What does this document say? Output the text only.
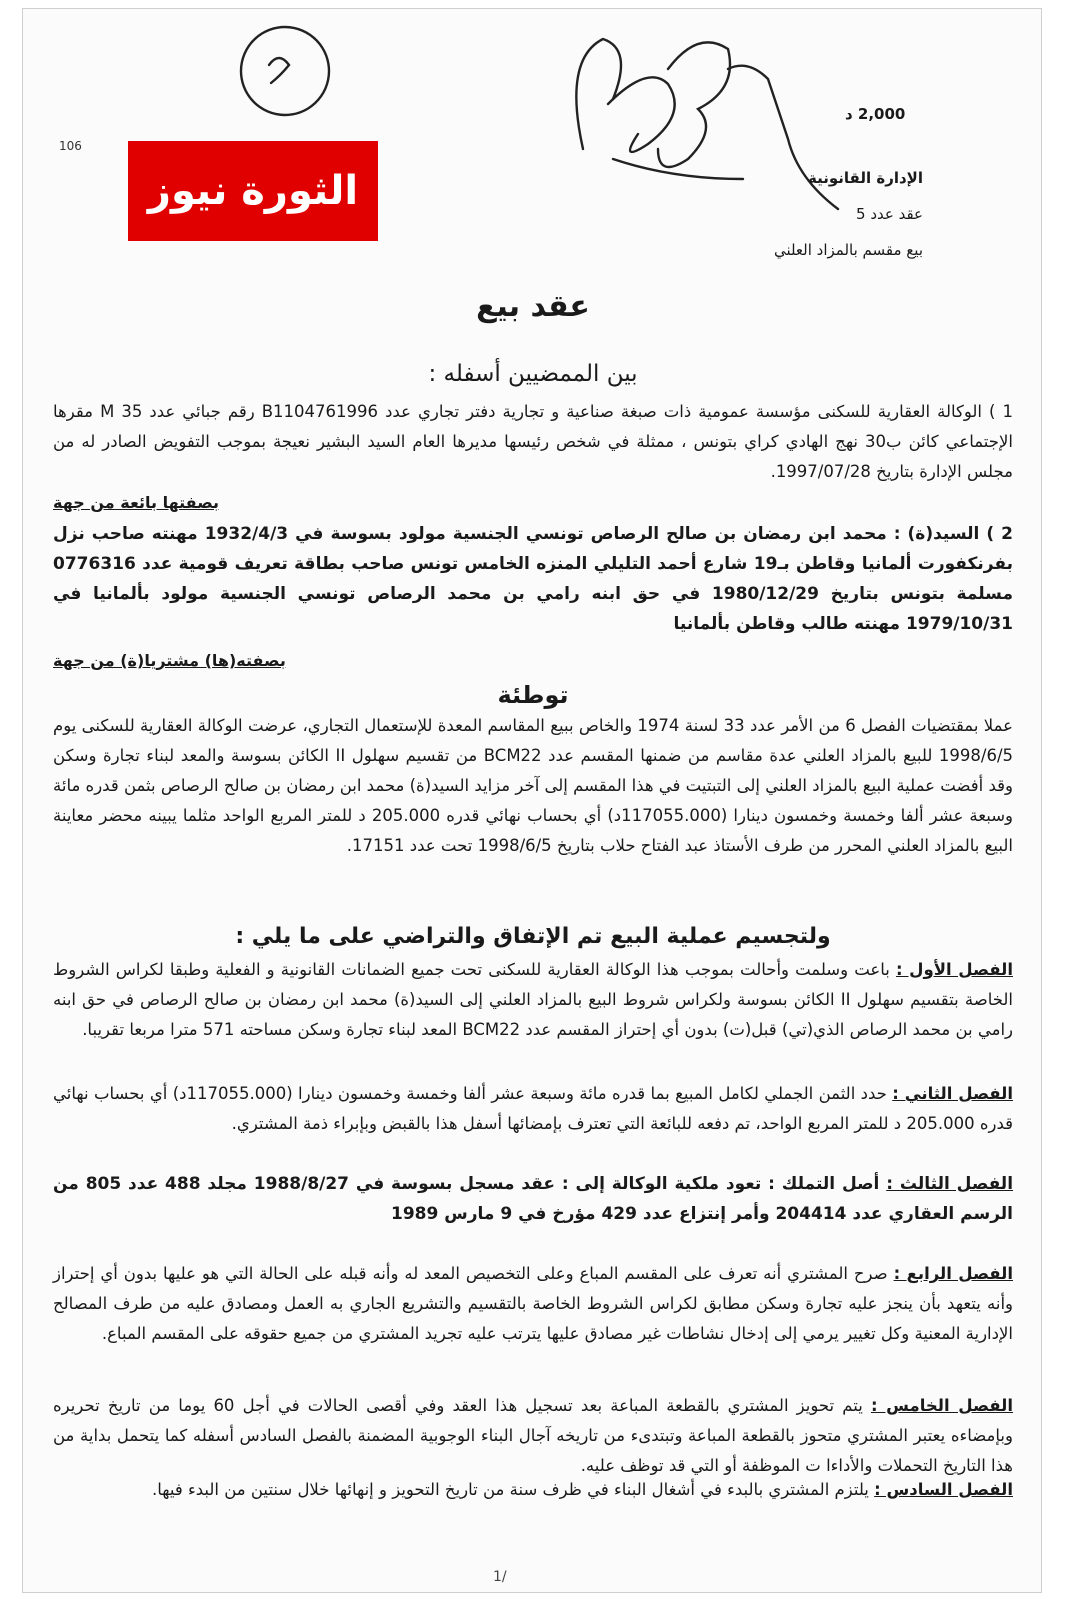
106
الثورة نيوز
2,000 د
الإدارة القانونية
عقد عدد 5
بيع مقسم بالمزاد العلني
عقد بيع
بين الممضيين أسفله :
1 ) الوكالة العقارية للسكنى مؤسسة عمومية ذات صبغة صناعية و تجارية دفتر تجاري عدد B1104761996 رقم جبائي عدد 35 M مقرها الإجتماعي كائن ب30 نهج الهادي كراي بتونس ، ممثلة في شخص رئيسها مديرها العام السيد البشير نعيجة بموجب التفويض الصادر له من مجلس الإدارة بتاريخ 1997/07/28.
بصفتها بائعة من جهة
2 ) السيد(ة) : محمد ابن رمضان بن صالح الرصاص تونسي الجنسية مولود بسوسة في 1932/4/3 مهنته صاحب نزل بفرنكفورت ألمانيا وقاطن بـ19 شارع أحمد التليلي المنزه الخامس تونس صاحب بطاقة تعريف قومية عدد 0776316 مسلمة بتونس بتاريخ 1980/12/29 في حق ابنه رامي بن محمد الرصاص تونسي الجنسية مولود بألمانيا في 1979/10/31 مهنته طالب وقاطن بألمانيا
بصفته(ها) مشتريا(ة) من جهة
توطئة
عملا بمقتضيات الفصل 6 من الأمر عدد 33 لسنة 1974 والخاص ببيع المقاسم المعدة للإستعمال التجاري، عرضت الوكالة العقارية للسكنى يوم 1998/6/5 للبيع بالمزاد العلني عدة مقاسم من ضمنها المقسم عدد BCM22 من تقسيم سهلول II الكائن بسوسة والمعد لبناء تجارة وسكن وقد أفضت عملية البيع بالمزاد العلني إلى التبتيت في هذا المقسم إلى آخر مزايد السيد(ة) محمد ابن رمضان بن صالح الرصاص بثمن قدره مائة وسبعة عشر ألفا وخمسة وخمسون دينارا (117055.000د) أي بحساب نهائي قدره 205.000 د للمتر المربع الواحد مثلما يبينه محضر معاينة البيع بالمزاد العلني المحرر من طرف الأستاذ عبد الفتاح حلاب بتاريخ 1998/6/5 تحت عدد 17151.
ولتجسيم عملية البيع تم الإتفاق والتراضي على ما يلي :
الفصل الأول : باعت وسلمت وأحالت بموجب هذا الوكالة العقارية للسكنى تحت جميع الضمانات القانونية و الفعلية وطبقا لكراس الشروط الخاصة بتقسيم سهلول II الكائن بسوسة ولكراس شروط البيع بالمزاد العلني إلى السيد(ة) محمد ابن رمضان بن صالح الرصاص في حق ابنه رامي بن محمد الرصاص الذي(تي) قبل(ت) بدون أي إحتراز المقسم عدد BCM22 المعد لبناء تجارة وسكن مساحته 571 مترا مربعا تقريبا.
الفصل الثاني : حدد الثمن الجملي لكامل المبيع بما قدره مائة وسبعة عشر ألفا وخمسة وخمسون دينارا (117055.000د) أي بحساب نهائي قدره 205.000 د للمتر المربع الواحد، تم دفعه للبائعة التي تعترف بإمضائها أسفل هذا بالقبض وبإبراء ذمة المشتري.
الفصل الثالث : أصل التملك : تعود ملكية الوكالة إلى : عقد مسجل بسوسة في 1988/8/27 مجلد 488 عدد 805 من الرسم العقاري عدد 204414 وأمر إنتزاع عدد 429 مؤرخ في 9 مارس 1989
الفصل الرابع : صرح المشتري أنه تعرف على المقسم المباع وعلى التخصيص المعد له وأنه قبله على الحالة التي هو عليها بدون أي إحتراز وأنه يتعهد بأن ينجز عليه تجارة وسكن مطابق لكراس الشروط الخاصة بالتقسيم والتشريع الجاري به العمل ومصادق عليه من طرف المصالح الإدارية المعنية وكل تغيير يرمي إلى إدخال نشاطات غير مصادق عليها يترتب عليه تجريد المشتري من جميع حقوقه على المقسم المباع.
الفصل الخامس : يتم تحويز المشتري بالقطعة المباعة بعد تسجيل هذا العقد وفي أقصى الحالات في أجل 60 يوما من تاريخ تحريره وبإمضاءه يعتبر المشتري متحوز بالقطعة المباعة وتبتدىء من تاريخه آجال البناء الوجوبية المضمنة بالفصل السادس أسفله كما يتحمل بداية من هذا التاريخ التحملات والأداءا ت الموظفة أو التي قد توظف عليه.
الفصل السادس : يلتزم المشتري بالبدء في أشغال البناء في ظرف سنة من تاريخ التحويز و إنهائها خلال سنتين من البدء فيها.
1/
